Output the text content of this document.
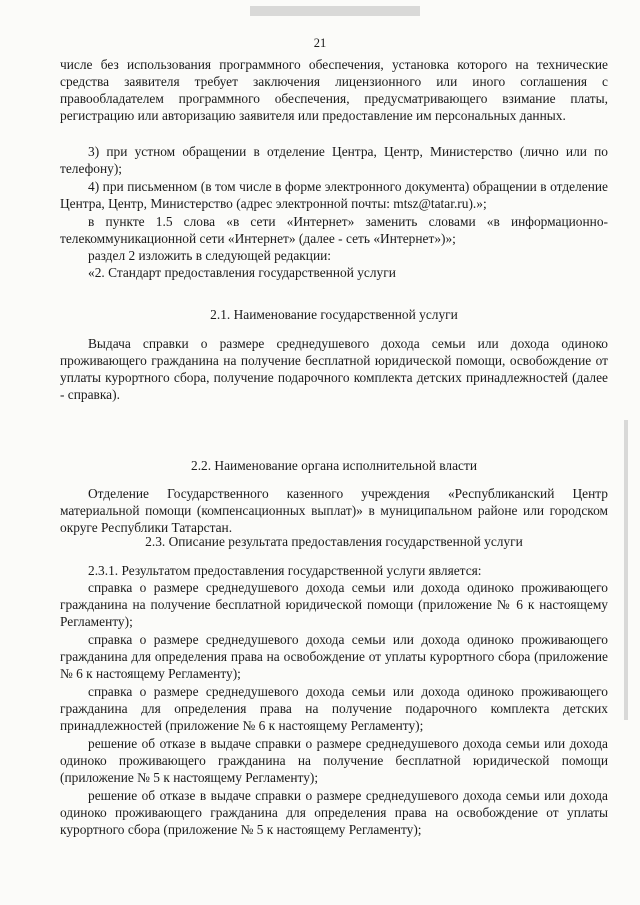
21
числе без использования программного обеспечения, установка которого на технические средства заявителя требует заключения лицензионного или иного соглашения с правообладателем программного обеспечения, предусматривающего взимание платы, регистрацию или авторизацию заявителя или предоставление им персональных данных.
3) при устном обращении в отделение Центра, Центр, Министерство (лично или по телефону);
4) при письменном (в том числе в форме электронного документа) обращении в отделение Центра, Центр, Министерство (адрес электронной почты: mtsz@tatar.ru).»;
в пункте 1.5 слова «в сети «Интернет» заменить словами «в информационно-телекоммуникационной сети «Интернет» (далее - сеть «Интернет»)»;
раздел 2 изложить в следующей редакции:
«2. Стандарт предоставления государственной услуги
2.1. Наименование государственной услуги
Выдача справки о размере среднедушевого дохода семьи или дохода одиноко проживающего гражданина на получение бесплатной юридической помощи, освобождение от уплаты курортного сбора, получение подарочного комплекта детских принадлежностей (далее - справка).
2.2. Наименование органа исполнительной власти
Отделение Государственного казенного учреждения «Республиканский Центр материальной помощи (компенсационных выплат)» в муниципальном районе или городском округе Республики Татарстан.
2.3. Описание результата предоставления государственной услуги
2.3.1. Результатом предоставления государственной услуги является:
справка о размере среднедушевого дохода семьи или дохода одиноко проживающего гражданина на получение бесплатной юридической помощи (приложение № 6 к настоящему Регламенту);
справка о размере среднедушевого дохода семьи или дохода одиноко проживающего гражданина для определения права на освобождение от уплаты курортного сбора (приложение № 6 к настоящему Регламенту);
справка о размере среднедушевого дохода семьи или дохода одиноко проживающего гражданина для определения права на получение подарочного комплекта детских принадлежностей (приложение № 6 к настоящему Регламенту);
решение об отказе в выдаче справки о размере среднедушевого дохода семьи или дохода одиноко проживающего гражданина на получение бесплатной юридической помощи (приложение № 5 к настоящему Регламенту);
решение об отказе в выдаче справки о размере среднедушевого дохода семьи или дохода одиноко проживающего гражданина для определения права на освобождение от уплаты курортного сбора (приложение № 5 к настоящему Регламенту);
